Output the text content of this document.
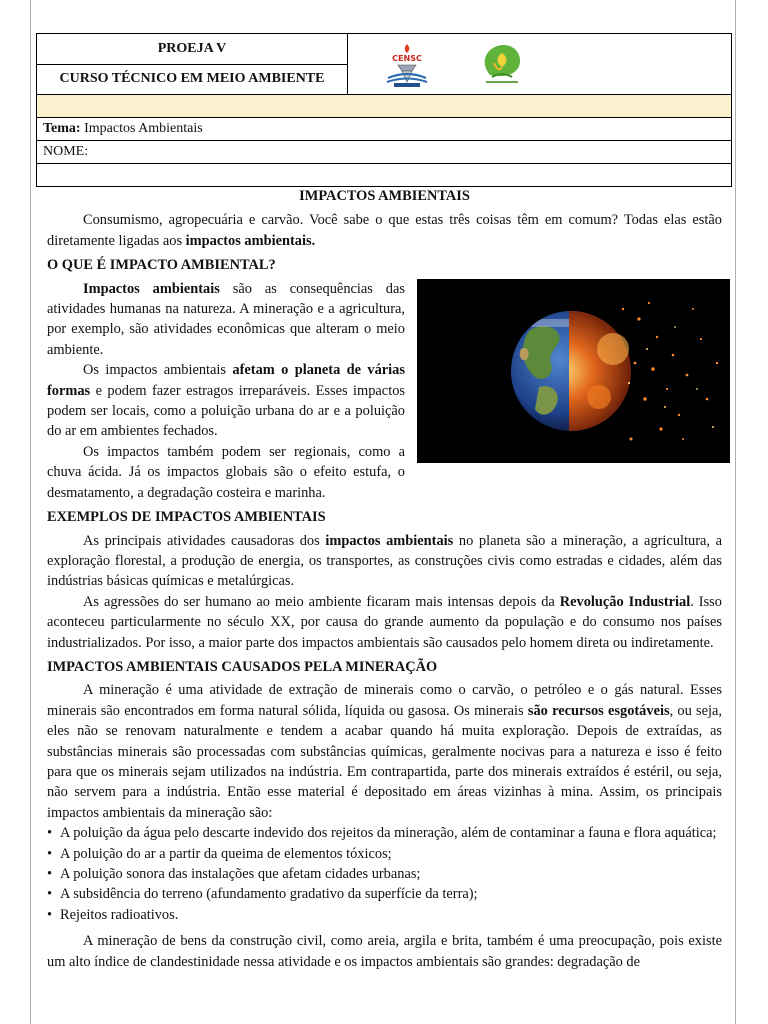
PROEJA V	
CENSC

CURSO TÉCNICO EM MEIO AMBIENTE

Tema: Impactos Ambientais
NOME:

IMPACTOS AMBIENTAIS

Consumismo, agropecuária e carvão. Você sabe o que estas três coisas têm em comum? Todas elas estão diretamente ligadas aos impactos ambientais.

O QUE É IMPACTO AMBIENTAL?

Impactos ambientais são as consequências das atividades humanas na natureza. A mineração e a agricultura, por exemplo, são atividades econômicas que alteram o meio ambiente.

Os impactos ambientais afetam o planeta de várias formas e podem fazer estragos irreparáveis. Esses impactos podem ser locais, como a poluição urbana do ar e a poluição do ar em ambientes fechados.

Os impactos também podem ser regionais, como a chuva ácida. Já os impactos globais são o efeito estufa, o desmatamento, a degradação costeira e marinha.

EXEMPLOS DE IMPACTOS AMBIENTAIS

As principais atividades causadoras dos impactos ambientais no planeta são a mineração, a agricultura, a exploração florestal, a produção de energia, os transportes, as construções civis como estradas e cidades, além das indústrias básicas químicas e metalúrgicas.

As agressões do ser humano ao meio ambiente ficaram mais intensas depois da Revolução Industrial. Isso aconteceu particularmente no século XX, por causa do grande aumento da população e do consumo nos países industrializados. Por isso, a maior parte dos impactos ambientais são causados pelo homem direta ou indiretamente.

IMPACTOS AMBIENTAIS CAUSADOS PELA MINERAÇÃO

A mineração é uma atividade de extração de minerais como o carvão, o petróleo e o gás natural. Esses minerais são encontrados em forma natural sólida, líquida ou gasosa. Os minerais são recursos esgotáveis, ou seja, eles não se renovam naturalmente e tendem a acabar quando há muita exploração. Depois de extraídas, as substâncias minerais são processadas com substâncias químicas, geralmente nocivas para a natureza e isso é feito para que os minerais sejam utilizados na indústria. Em contrapartida, parte dos minerais extraídos é estéril, ou seja, não servem para a indústria. Então esse material é depositado em áreas vizinhas à mina. Assim, os principais impactos ambientais da mineração são:

• A poluição da água pelo descarte indevido dos rejeitos da mineração, além de contaminar a fauna e flora aquática;
• A poluição do ar a partir da queima de elementos tóxicos;
• A poluição sonora das instalações que afetam cidades urbanas;
• A subsidência do terreno (afundamento gradativo da superfície da terra);
• Rejeitos radioativos.

A mineração de bens da construção civil, como areia, argila e brita, também é uma preocupação, pois existe um alto índice de clandestinidade nessa atividade e os impactos ambientais são grandes: degradação de
